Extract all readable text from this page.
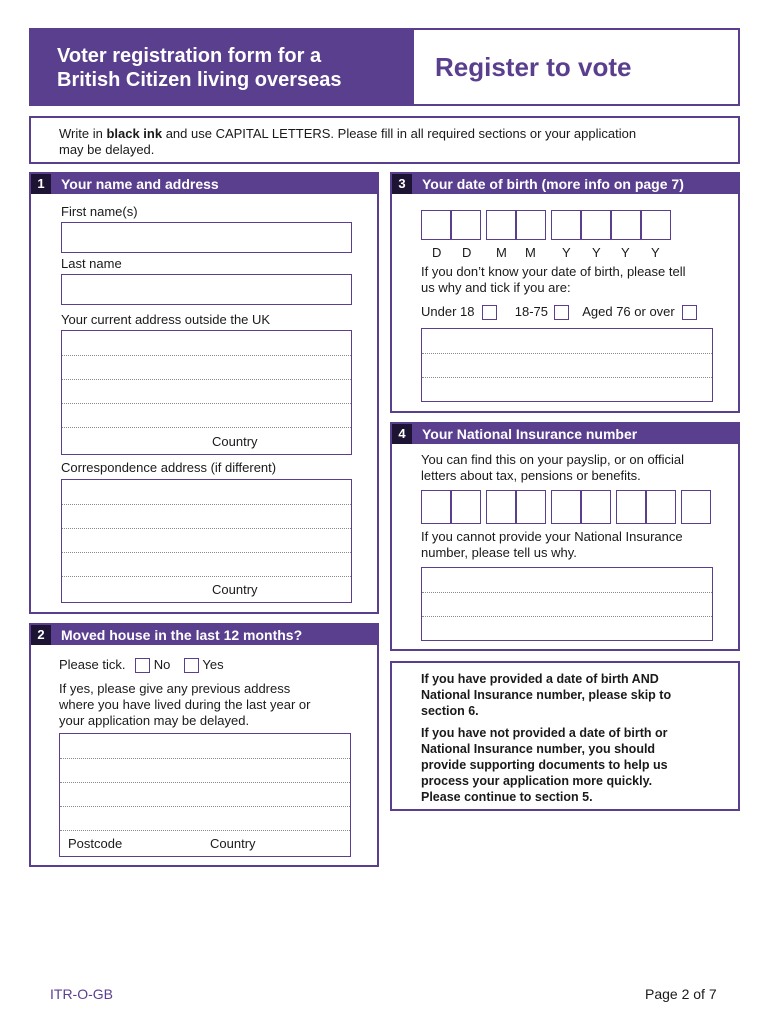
Voter registration form for a
British Citizen living overseas	Register to vote
Write in black ink and use CAPITAL LETTERS. Please fill in all required sections or your application
may be delayed.
1	Your name and address
First name(s)
Last name
Your current address outside the UK
Country
Correspondence address (if different)
Country
2	Moved house in the last 12 months?
Please tick. No Yes
If yes, please give any previous address
where you have lived during the last year or
your application may be delayed.
Postcode	Country
3	Your date of birth (more info on page 7)
D D M M Y Y Y Y
If you don’t know your date of birth, please tell
us why and tick if you are:
Under 18	18-75	Aged 76 or over
4	Your National Insurance number
You can find this on your payslip, or on official
letters about tax, pensions or benefits.
If you cannot provide your National Insurance
number, please tell us why.
If you have provided a date of birth AND
National Insurance number, please skip to
section 6.
If you have not provided a date of birth or
National Insurance number, you should
provide supporting documents to help us
process your application more quickly.
Please continue to section 5.
ITR-O-GB	Page 2 of 7
